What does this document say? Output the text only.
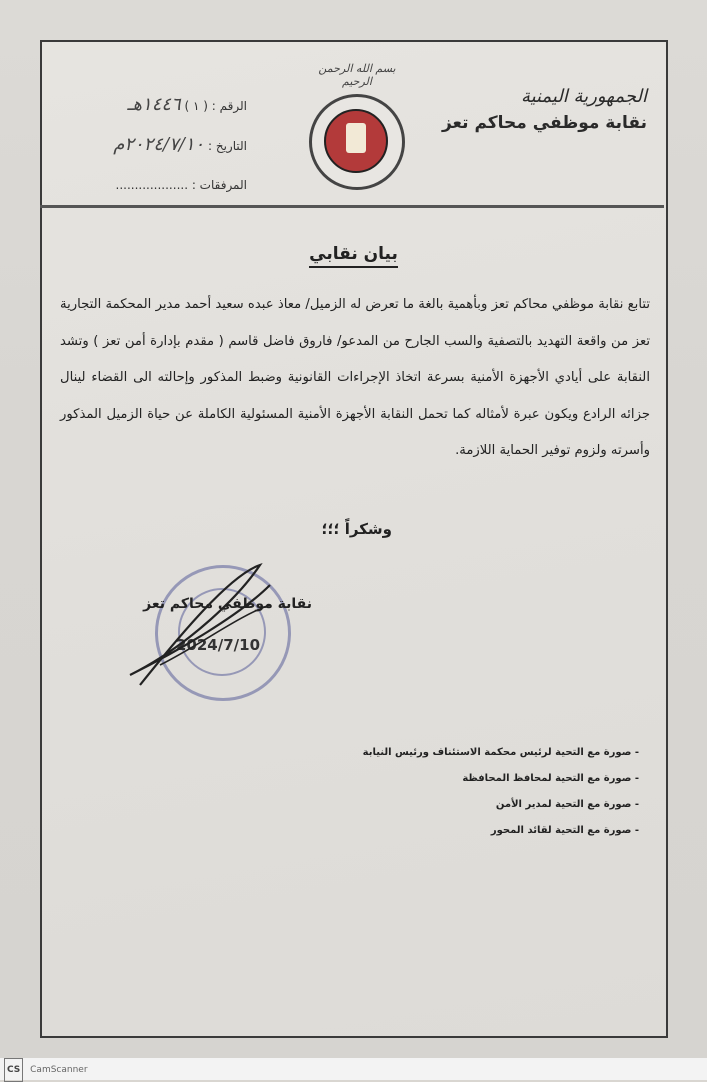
الجمهورية اليمنية
نقابة موظفي محاكم تعز
بسم الله الرحمن الرحيم
الرقم : ( ١ ) ١٤٤٦هـ
التاريخ : ٢٠٢٤/٧/١٠م
المرفقات : ...................
بيان نقابي

تتابع نقابة موظفي محاكم تعز وبأهمية بالغة ما تعرض له الزميل/ معاذ عبده سعيد أحمد مدير المحكمة التجارية تعز من واقعة التهديد بالتصفية والسب الجارح من المدعو/ فاروق فاضل قاسم ( مقدم بإدارة أمن تعز ) وتشد النقابة على أيادي الأجهزة الأمنية بسرعة اتخاذ الإجراءات القانونية وضبط المذكور وإحالته الى القضاء لينال جزائه الرادع ويكون عبرة لأمثاله كما تحمل النقابة الأجهزة الأمنية المسئولية الكاملة عن حياة الزميل المذكور وأسرته ولزوم توفير الحماية اللازمة.

وشكراً ؛؛؛
نقابة موظفي محاكم تعز
2024/7/10
- صورة مع التحية لرئيس محكمة الاستئناف ورئيس النيابة
- صورة مع التحية لمحافظ المحافظة
- صورة مع التحية لمدير الأمن
- صورة مع التحية لقائد المحور
CS CamScanner
